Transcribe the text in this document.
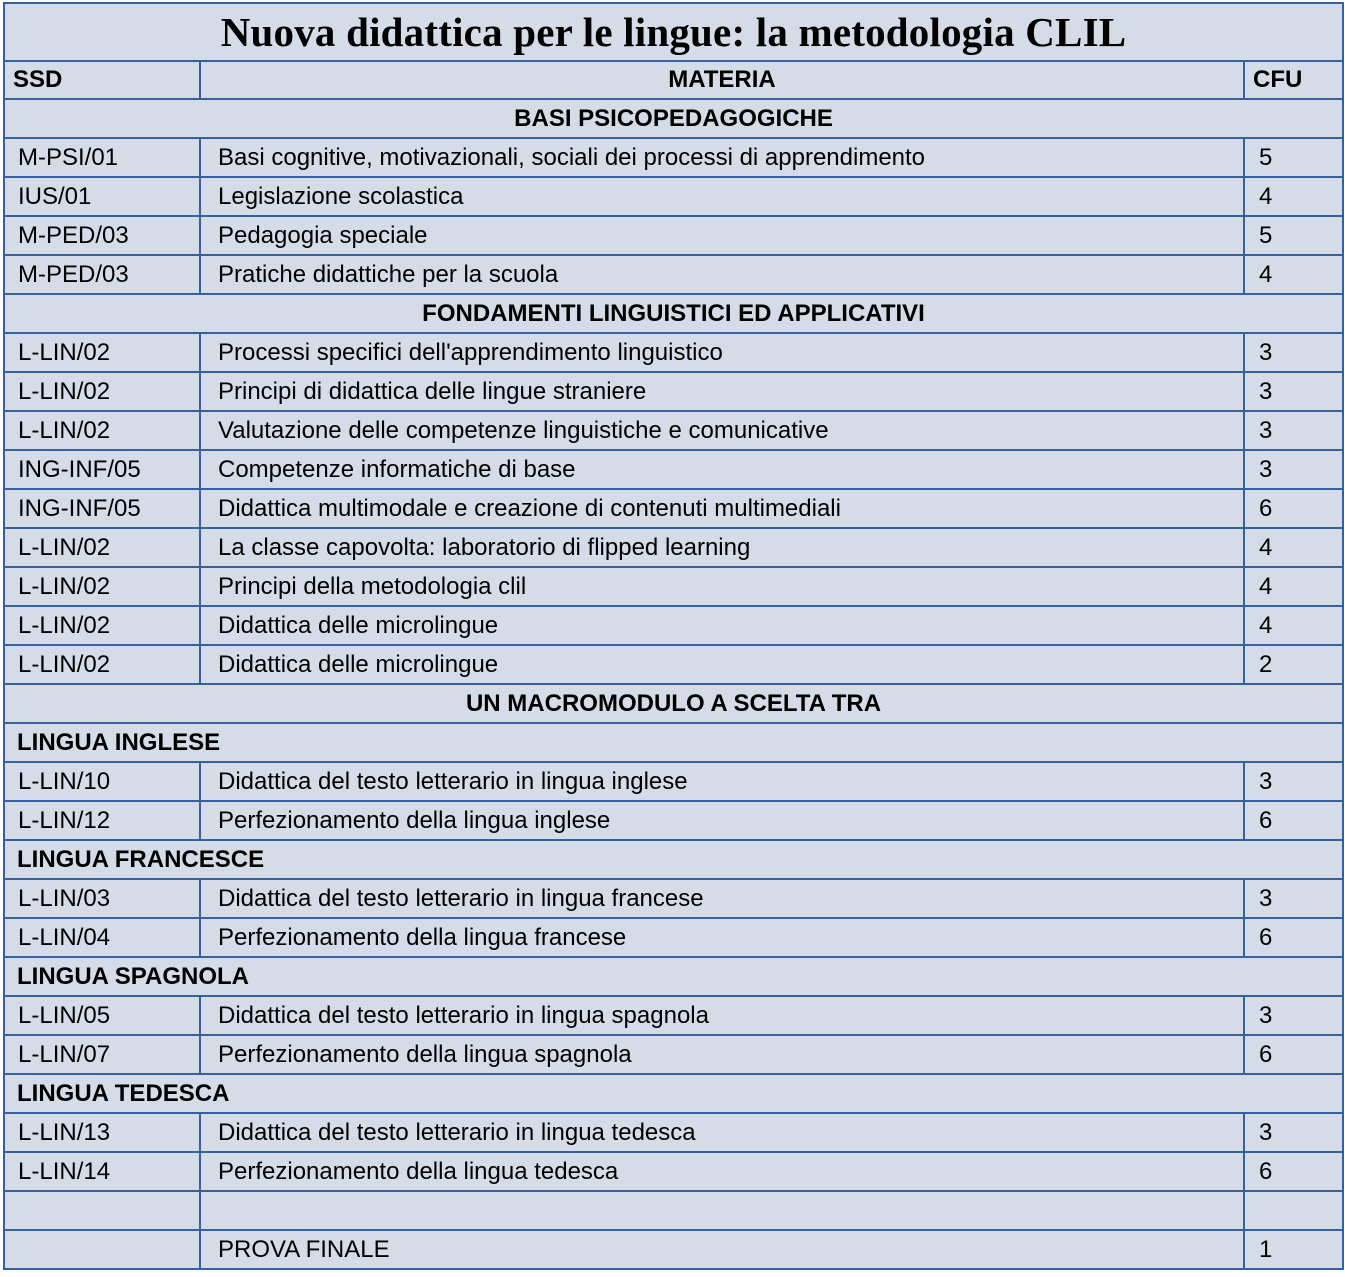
Nuova didattica per le lingue: la metodologia CLIL		
SSD	MATERIA	CFU
BASI PSICOPEDAGOGICHE		
M-PSI/01	Basi cognitive, motivazionali, sociali dei processi di apprendimento	5
IUS/01	Legislazione scolastica	4
M-PED/03	Pedagogia speciale	5
M-PED/03	Pratiche didattiche per la scuola	4
FONDAMENTI LINGUISTICI ED APPLICATIVI		
L-LIN/02	Processi specifici dell'apprendimento linguistico	3
L-LIN/02	Principi di didattica delle lingue straniere	3
L-LIN/02	Valutazione delle competenze linguistiche e comunicative	3
ING-INF/05	Competenze informatiche di base	3
ING-INF/05	Didattica multimodale e creazione di contenuti multimediali	6
L-LIN/02	La classe capovolta: laboratorio di flipped learning	4
L-LIN/02	Principi della metodologia clil	4
L-LIN/02	Didattica delle microlingue	4
L-LIN/02	Didattica delle microlingue	2
UN MACROMODULO A SCELTA TRA		
LINGUA INGLESE		
L-LIN/10	Didattica del testo letterario in lingua inglese	3
L-LIN/12	Perfezionamento della lingua inglese	6
LINGUA FRANCESCE		
L-LIN/03	Didattica del testo letterario in lingua francese	3
L-LIN/04	Perfezionamento della lingua francese	6
LINGUA SPAGNOLA		
L-LIN/05	Didattica del testo letterario in lingua spagnola	3
L-LIN/07	Perfezionamento della lingua spagnola	6
LINGUA TEDESCA		
L-LIN/13	Didattica del testo letterario in lingua tedesca	3
L-LIN/14	Perfezionamento della lingua tedesca	6

	PROVA FINALE	1
